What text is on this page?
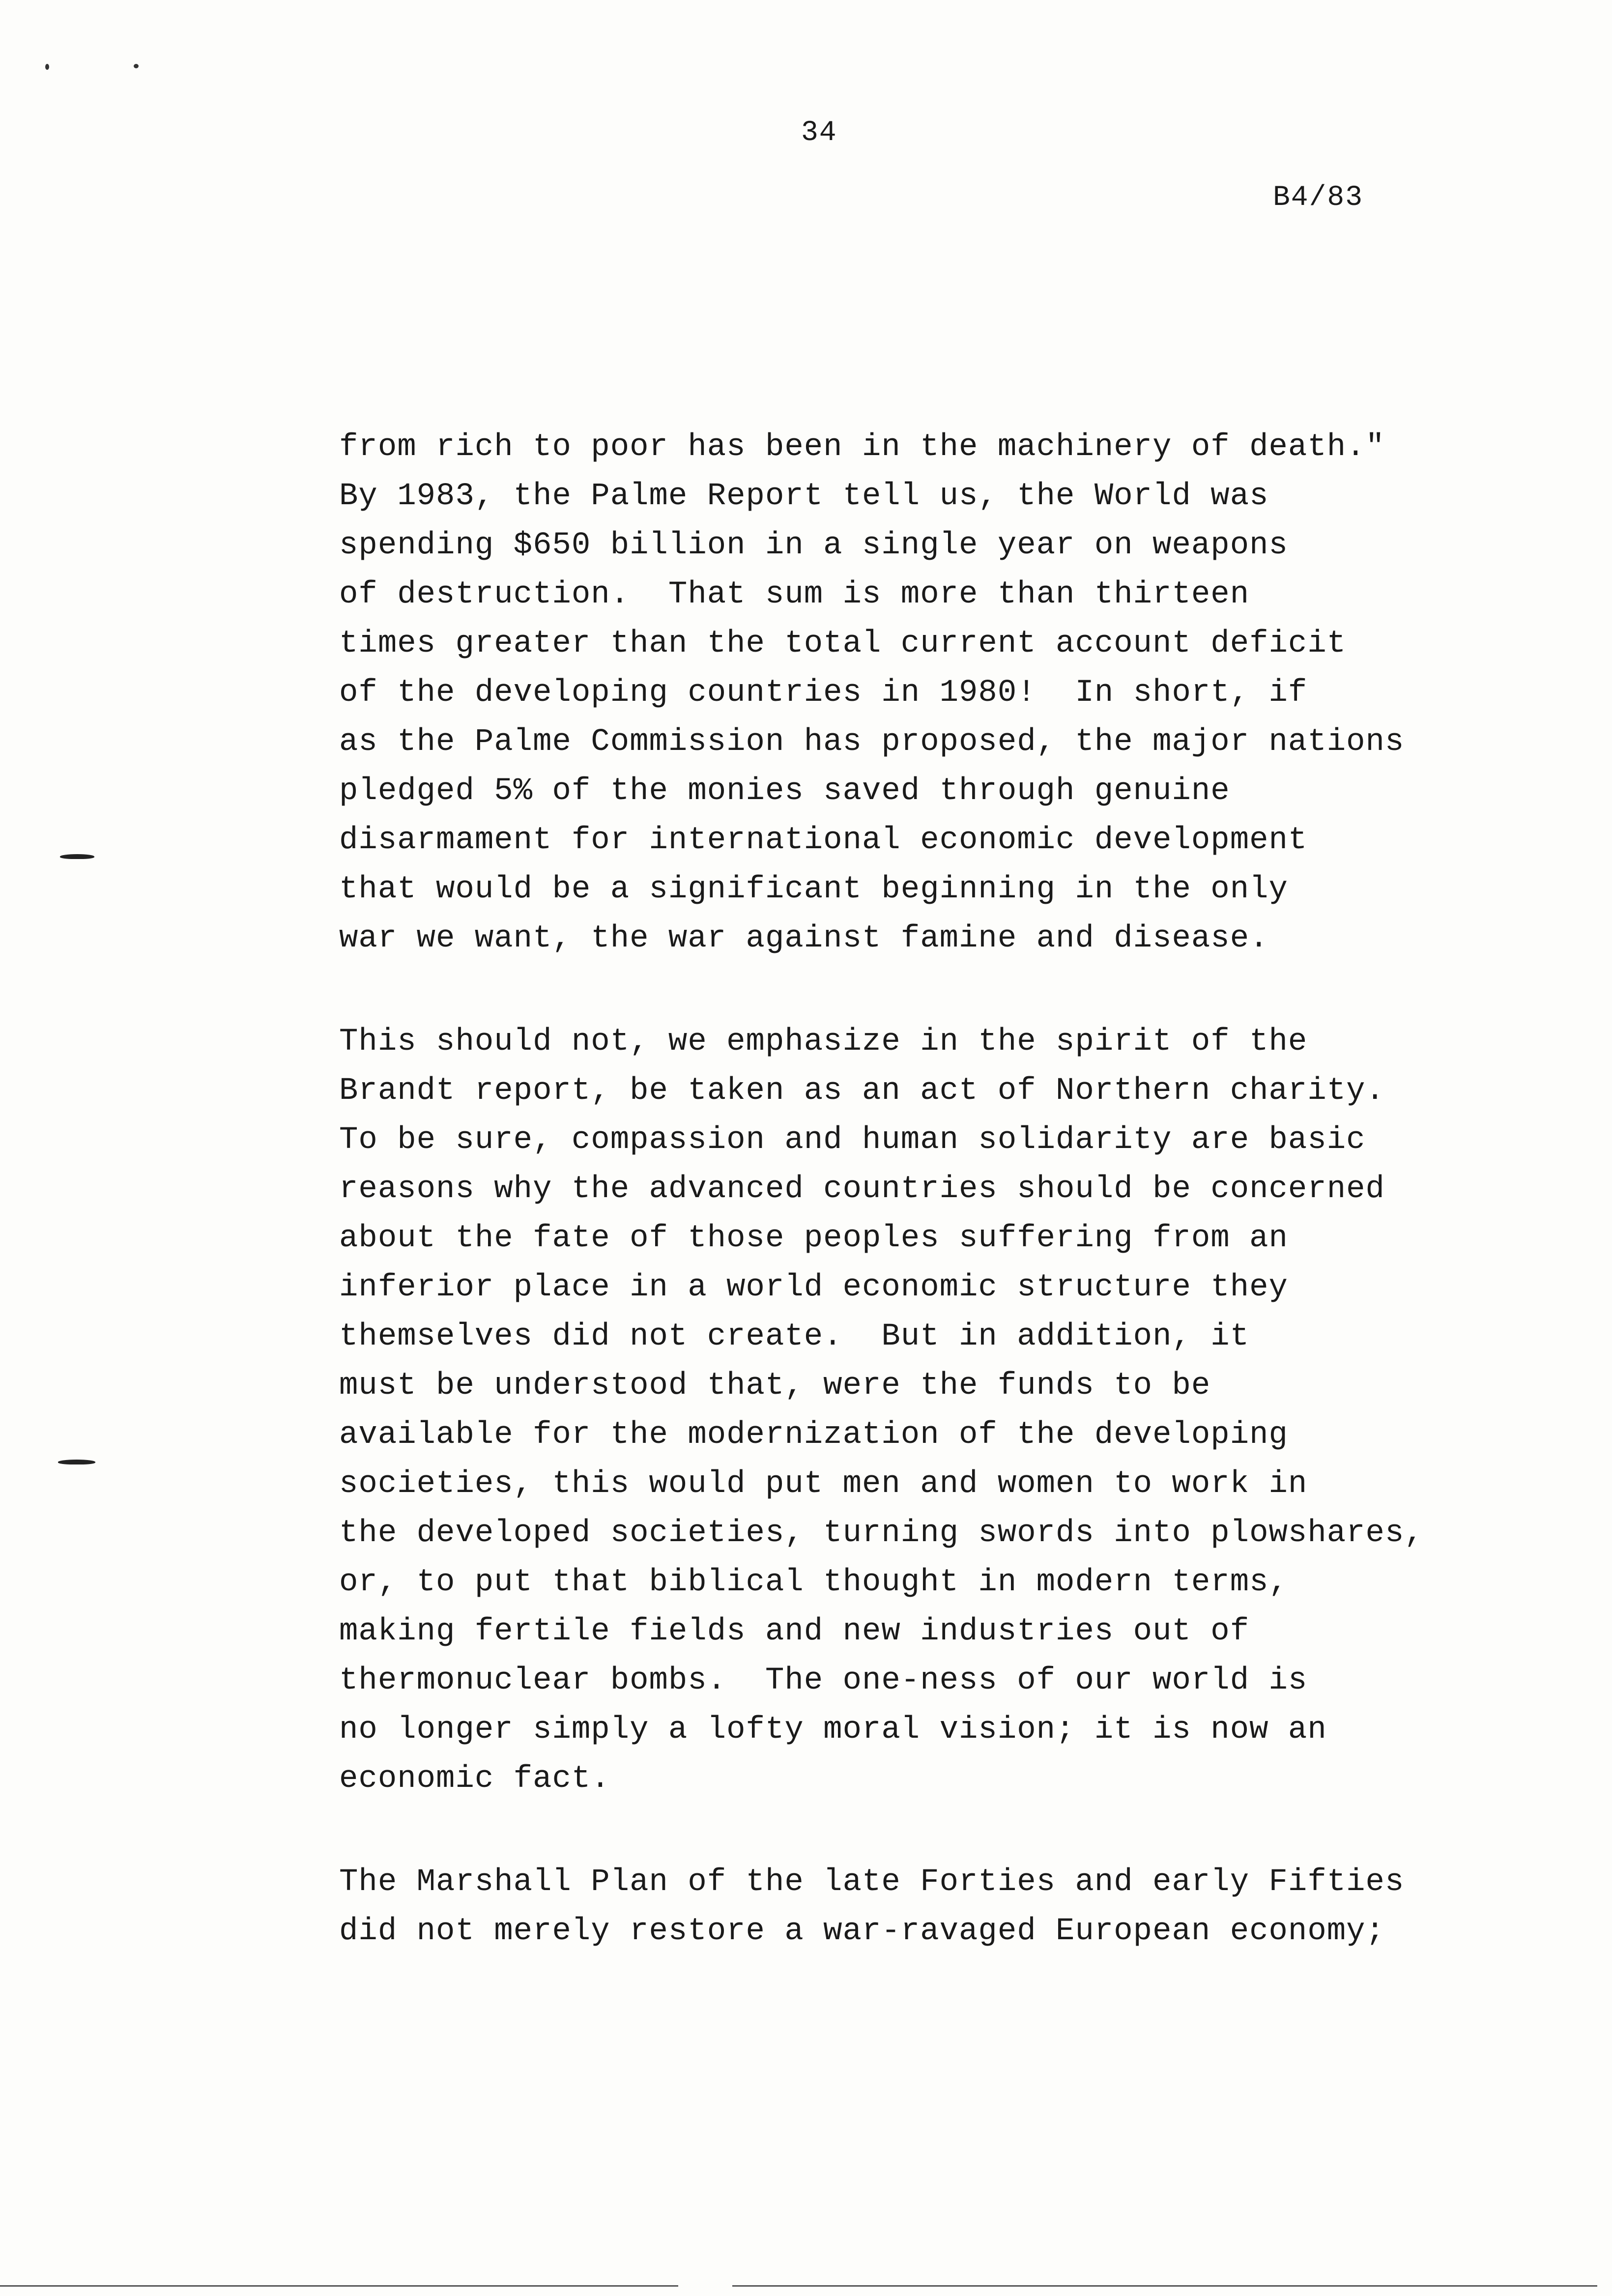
34
B4/83
from rich to poor has been in the machinery of death."
By 1983, the Palme Report tell us, the World was
spending $650 billion in a single year on weapons
of destruction.  That sum is more than thirteen
times greater than the total current account deficit
of the developing countries in 1980!  In short, if
as the Palme Commission has proposed, the major nations
pledged 5% of the monies saved through genuine
disarmament for international economic development
that would be a significant beginning in the only
war we want, the war against famine and disease.
This should not, we emphasize in the spirit of the
Brandt report, be taken as an act of Northern charity.
To be sure, compassion and human solidarity are basic
reasons why the advanced countries should be concerned
about the fate of those peoples suffering from an
inferior place in a world economic structure they
themselves did not create.  But in addition, it
must be understood that, were the funds to be
available for the modernization of the developing
societies, this would put men and women to work in
the developed societies, turning swords into plowshares,
or, to put that biblical thought in modern terms,
making fertile fields and new industries out of
thermonuclear bombs.  The one-ness of our world is
no longer simply a lofty moral vision; it is now an
economic fact.
The Marshall Plan of the late Forties and early Fifties
did not merely restore a war-ravaged European economy;
